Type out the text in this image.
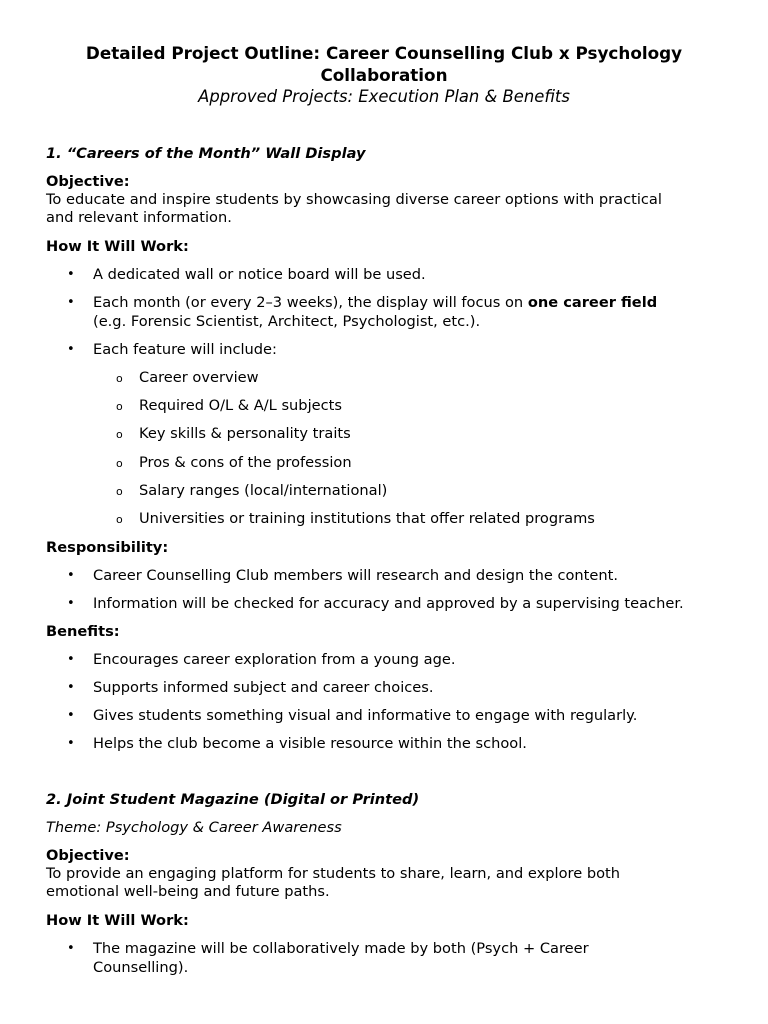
Detailed Project Outline: Career Counselling Club x Psychology
Collaboration
Approved Projects: Execution Plan & Benefits
1. “Careers of the Month” Wall Display
Objective:
To educate and inspire students by showcasing diverse career options with practical
and relevant information.
How It Will Work:
• A dedicated wall or notice board will be used.
• Each month (or every 2–3 weeks), the display will focus on one career field
(e.g. Forensic Scientist, Architect, Psychologist, etc.).
• Each feature will include:
o Career overview
o Required O/L & A/L subjects
o Key skills & personality traits
o Pros & cons of the profession
o Salary ranges (local/international)
o Universities or training institutions that offer related programs
Responsibility:
• Career Counselling Club members will research and design the content.
• Information will be checked for accuracy and approved by a supervising teacher.
Benefits:
• Encourages career exploration from a young age.
• Supports informed subject and career choices.
• Gives students something visual and informative to engage with regularly.
• Helps the club become a visible resource within the school.
2. Joint Student Magazine (Digital or Printed)
Theme: Psychology & Career Awareness
Objective:
To provide an engaging platform for students to share, learn, and explore both
emotional well-being and future paths.
How It Will Work:
• The magazine will be collaboratively made by both (Psych + Career
Counselling).
